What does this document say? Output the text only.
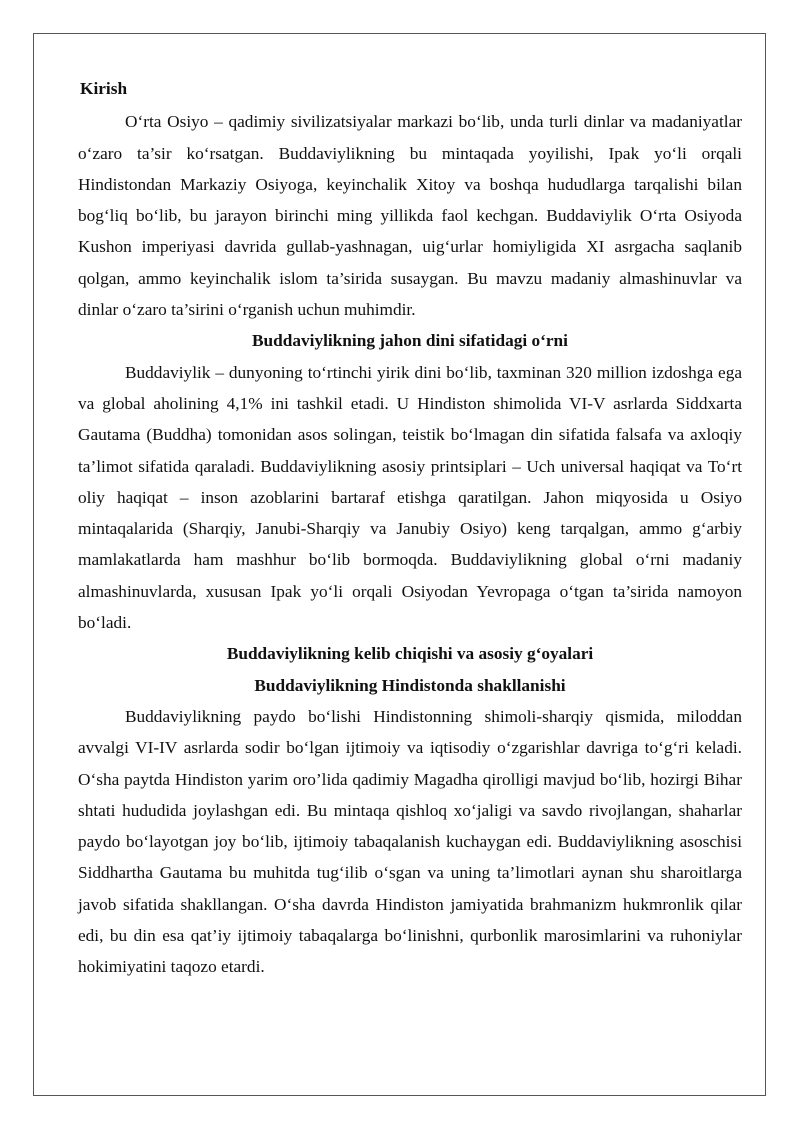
Kirish

O‘rta Osiyo – qadimiy sivilizatsiyalar markazi bo‘lib, unda turli dinlar va madaniyatlar o‘zaro ta’sir ko‘rsatgan. Buddaviylikning bu mintaqada yoyilishi, Ipak yo‘li orqali Hindistondan Markaziy Osiyoga, keyinchalik Xitoy va boshqa hududlarga tarqalishi bilan bog‘liq bo‘lib, bu jarayon birinchi ming yillikda faol kechgan. Buddaviylik O‘rta Osiyoda Kushon imperiyasi davrida gullab-yashnagan, uig‘urlar homiyligida XI asrgacha saqlanib qolgan, ammo keyinchalik islom ta’sirida susaygan. Bu mavzu madaniy almashinuvlar va dinlar o‘zaro ta’sirini o‘rganish uchun muhimdir.

Buddaviylikning jahon dini sifatidagi o‘rni

Buddaviylik – dunyoning to‘rtinchi yirik dini bo‘lib, taxminan 320 million izdoshga ega va global aholining 4,1% ini tashkil etadi. U Hindiston shimolida VI-V asrlarda Siddxarta Gautama (Buddha) tomonidan asos solingan, teistik bo‘lmagan din sifatida falsafa va axloqiy ta’limot sifatida qaraladi. Buddaviylikning asosiy printsiplari – Uch universal haqiqat va To‘rt oliy haqiqat – inson azoblarini bartaraf etishga qaratilgan. Jahon miqyosida u Osiyo mintaqalarida (Sharqiy, Janubi-Sharqiy va Janubiy Osiyo) keng tarqalgan, ammo g‘arbiy mamlakatlarda ham mashhur bo‘lib bormoqda. Buddaviylikning global o‘rni madaniy almashinuvlarda, xususan Ipak yo‘li orqali Osiyodan Yevropaga o‘tgan ta’sirida namoyon bo‘ladi.

Buddaviylikning kelib chiqishi va asosiy g‘oyalari
Buddaviylikning Hindistonda shakllanishi

Buddaviylikning paydo bo‘lishi Hindistonning shimoli-sharqiy qismida, miloddan avvalgi VI-IV asrlarda sodir bo‘lgan ijtimoiy va iqtisodiy o‘zgarishlar davriga to‘g‘ri keladi. O‘sha paytda Hindiston yarim oro’lida qadimiy Magadha qirolligi mavjud bo‘lib, hozirgi Bihar shtati hududida joylashgan edi. Bu mintaqa qishloq xo‘jaligi va savdo rivojlangan, shaharlar paydo bo‘layotgan joy bo‘lib, ijtimoiy tabaqalanish kuchaygan edi. Buddaviylikning asoschisi Siddhartha Gautama bu muhitda tug‘ilib o‘sgan va uning ta’limotlari aynan shu sharoitlarga javob sifatida shakllangan. O‘sha davrda Hindiston jamiyatida brahmanizm hukmronlik qilar edi, bu din esa qat’iy ijtimoiy tabaqalarga bo‘linishni, qurbonlik marosimlarini va ruhoniylar hokimiyatini taqozo etardi.
